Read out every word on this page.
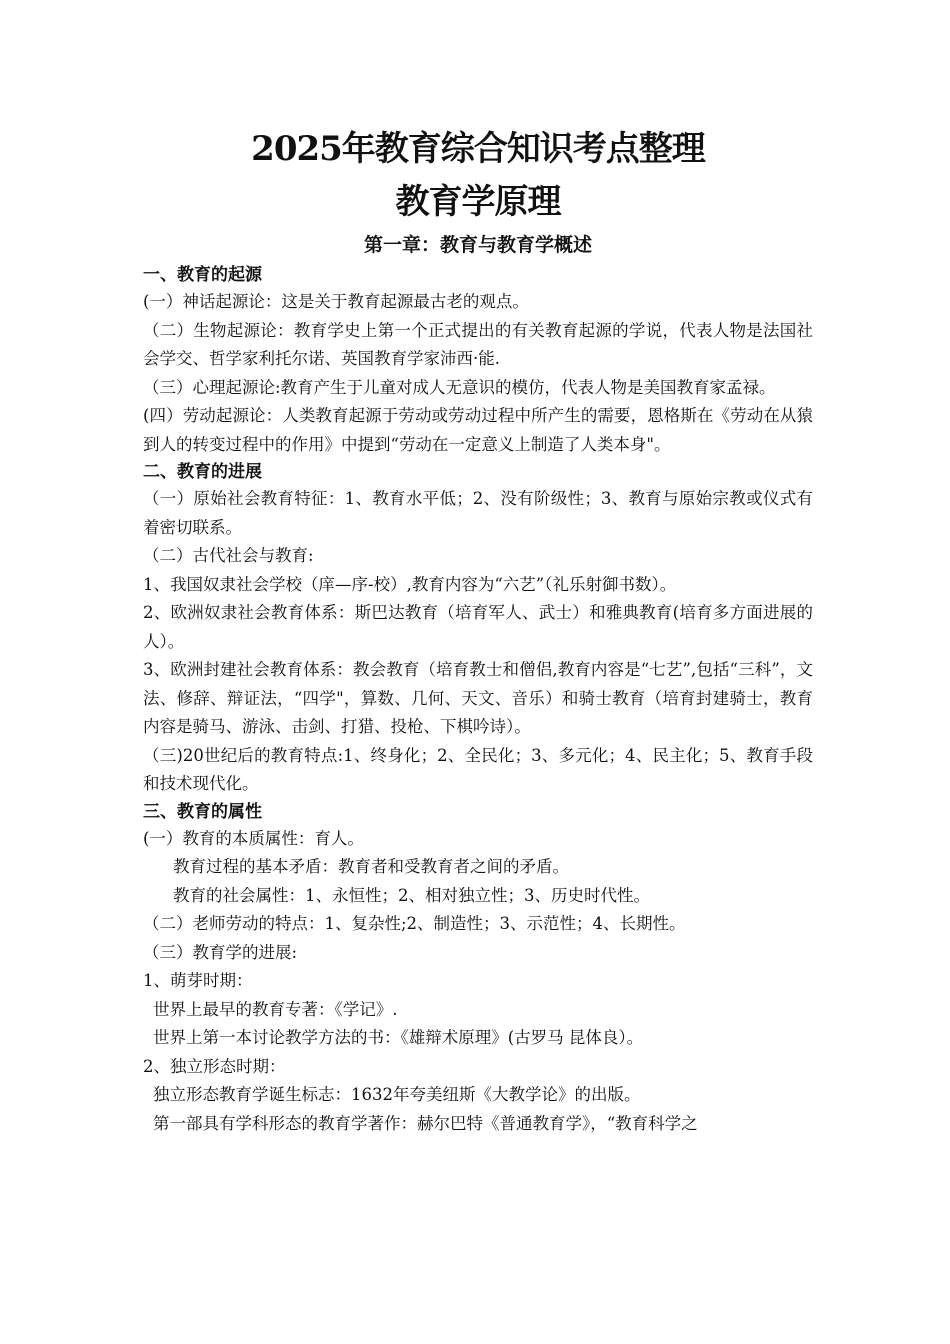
2025年教育综合知识考点整理
教育学原理
第一章：教育与教育学概述
一、教育的起源

(一）神话起源论：这是关于教育起源最古老的观点。

（二）生物起源论：教育学史上第一个正式提出的有关教育起源的学说，代表人物是法国社会学交、哲学家利托尔诺、英国教育学家沛西·能.

（三）心理起源论:教育产生于儿童对成人无意识的模仿，代表人物是美国教育家孟禄。

(四）劳动起源论：人类教育起源于劳动或劳动过程中所产生的需要，恩格斯在《劳动在从猿到人的转变过程中的作用》中提到“劳动在一定意义上制造了人类本身"。

二、教育的进展

（一）原始社会教育特征：1、教育水平低；2、没有阶级性；3、教育与原始宗教或仪式有着密切联系。

（二）古代社会与教育:

1、我国奴隶社会学校（庠—序-校）,教育内容为“六艺”（礼乐射御书数）。

2、欧洲奴隶社会教育体系：斯巴达教育（培育军人、武士）和雅典教育(培育多方面进展的人）。

3、欧洲封建社会教育体系：教会教育（培育教士和僧侣,教育内容是“七艺”,包括“三科”，文法、修辞、辩证法，“四学"，算数、几何、天文、音乐）和骑士教育（培育封建骑士，教育内容是骑马、游泳、击剑、打猎、投枪、下棋吟诗）。

（三)20世纪后的教育特点:1、终身化；2、全民化；3、多元化；4、民主化；5、教育手段和技术现代化。

三、教育的属性

(一）教育的本质属性：育人。

教育过程的基本矛盾：教育者和受教育者之间的矛盾。

教育的社会属性：1、永恒性；2、相对独立性；3、历史时代性。

（二）老师劳动的特点：1、复杂性;2、制造性；3、示范性；4、长期性。

（三）教育学的进展:

1、萌芽时期：

世界上最早的教育专著：《学记》.

世界上第一本讨论教学方法的书：《雄辩术原理》(古罗马 昆体良）。

2、独立形态时期：

独立形态教育学诞生标志：1632年夸美纽斯《大教学论》的出版。

第一部具有学科形态的教育学著作：赫尔巴特《普通教育学》，“教育科学之
